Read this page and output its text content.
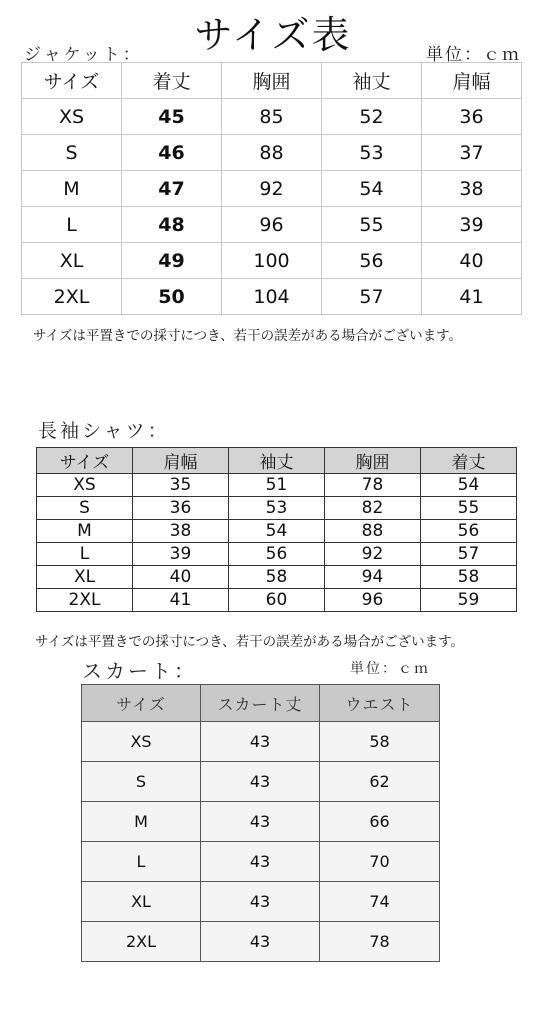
サイズ表
ジャケット：	単位：ｃｍ
サイズ	着丈	胸囲	袖丈	肩幅
XS	45	85	52	36
S	46	88	53	37
M	47	92	54	38
L	48	96	55	39
XL	49	100	56	40
2XL	50	104	57	41
サイズは平置きでの採寸につき、若干の誤差がある場合がございます。
長袖シャツ：
サイズ	肩幅	袖丈	胸囲	着丈
XS	35	51	78	54
S	36	53	82	55
M	38	54	88	56
L	39	56	92	57
XL	40	58	94	58
2XL	41	60	96	59
サイズは平置きでの採寸につき、若干の誤差がある場合がございます。
スカート：	単位：ｃｍ
サイズ	スカート丈	ウエスト
XS	43	58
S	43	62
M	43	66
L	43	70
XL	43	74
2XL	43	78
